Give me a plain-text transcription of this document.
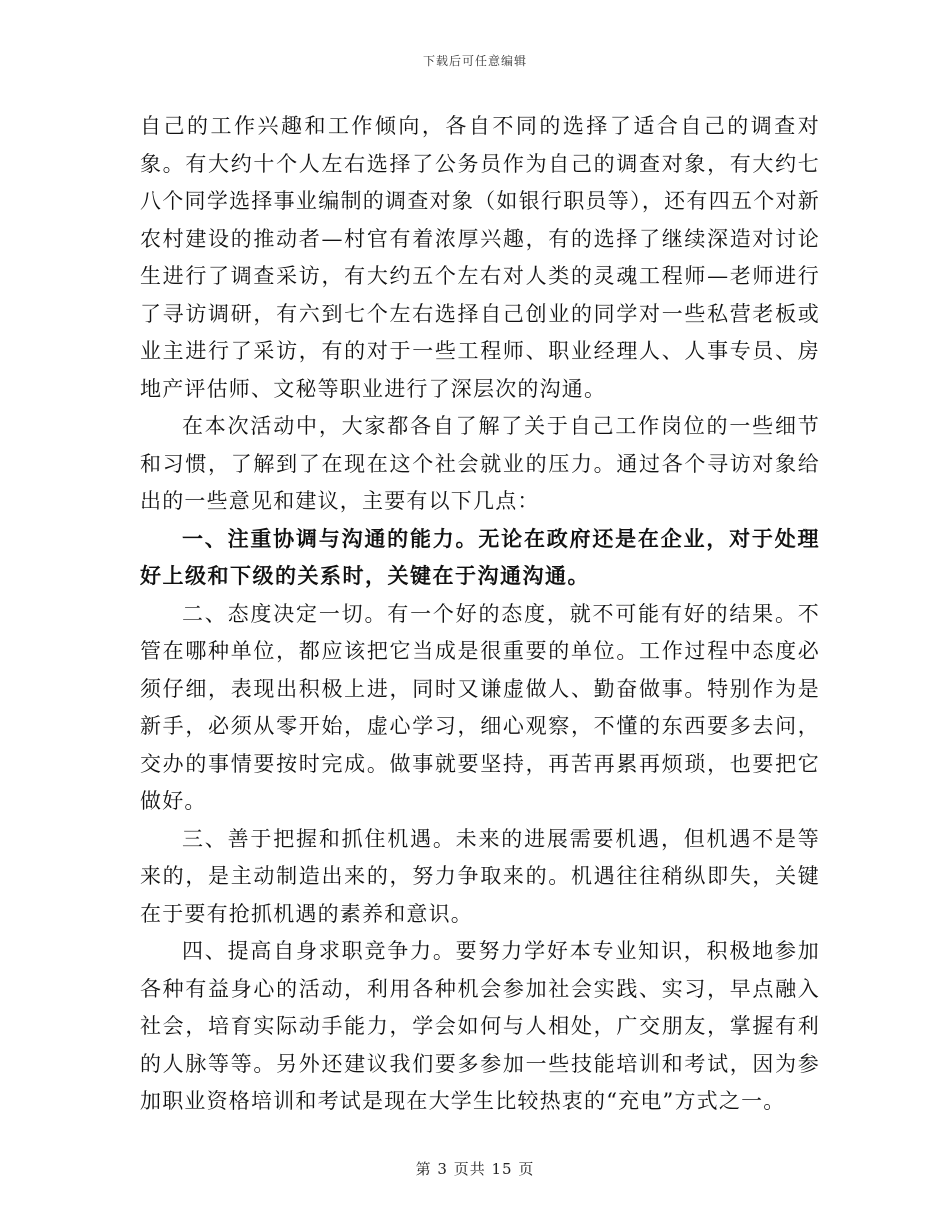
下载后可任意编辑

自己的工作兴趣和工作倾向，各自不同的选择了适合自己的调查对象。有大约十个人左右选择了公务员作为自己的调查对象，有大约七八个同学选择事业编制的调查对象（如银行职员等），还有四五个对新农村建设的推动者—村官有着浓厚兴趣，有的选择了继续深造对讨论生进行了调查采访，有大约五个左右对人类的灵魂工程师—老师进行了寻访调研，有六到七个左右选择自己创业的同学对一些私营老板或业主进行了采访，有的对于一些工程师、职业经理人、人事专员、房地产评估师、文秘等职业进行了深层次的沟通。

在本次活动中，大家都各自了解了关于自己工作岗位的一些细节和习惯，了解到了在现在这个社会就业的压力。通过各个寻访对象给出的一些意见和建议，主要有以下几点：

一、注重协调与沟通的能力。无论在政府还是在企业，对于处理好上级和下级的关系时，关键在于沟通沟通。

二、态度决定一切。有一个好的态度，就不可能有好的结果。不管在哪种单位，都应该把它当成是很重要的单位。工作过程中态度必须仔细，表现出积极上进，同时又谦虚做人、勤奋做事。特别作为是新手，必须从零开始，虚心学习，细心观察，不懂的东西要多去问，交办的事情要按时完成。做事就要坚持，再苦再累再烦琐，也要把它做好。

三、善于把握和抓住机遇。未来的进展需要机遇，但机遇不是等来的，是主动制造出来的，努力争取来的。机遇往往稍纵即失，关键在于要有抢抓机遇的素养和意识。

四、提高自身求职竞争力。要努力学好本专业知识，积极地参加各种有益身心的活动，利用各种机会参加社会实践、实习，早点融入社会，培育实际动手能力，学会如何与人相处，广交朋友，掌握有利的人脉等等。另外还建议我们要多参加一些技能培训和考试，因为参加职业资格培训和考试是现在大学生比较热衷的“充电”方式之一。

第 3 页共 15 页
